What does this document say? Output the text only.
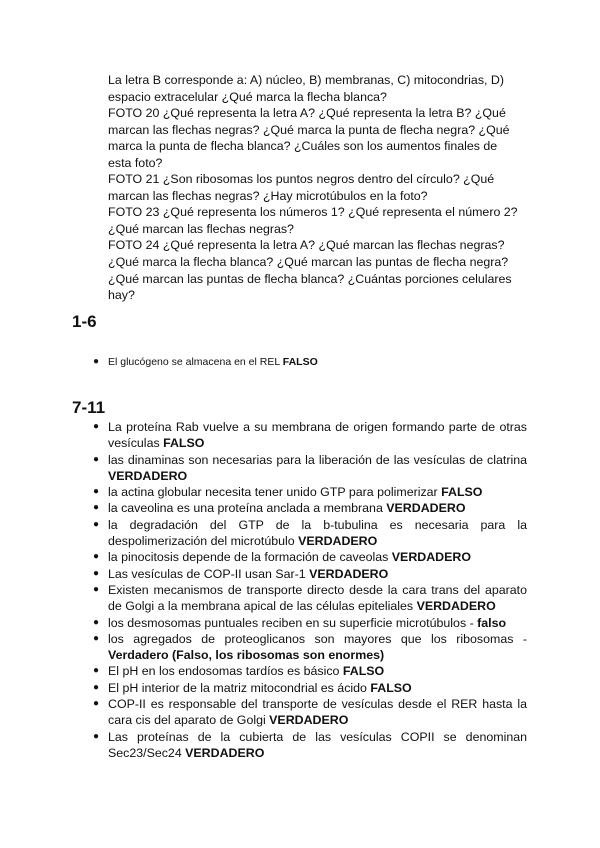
La letra B corresponde a: A) núcleo, B) membranas, C) mitocondrias, D) espacio extracelular ¿Qué marca la flecha blanca?

FOTO 20 ¿Qué representa la letra A? ¿Qué representa la letra B? ¿Qué marcan las flechas negras? ¿Qué marca la punta de flecha negra? ¿Qué marca la punta de flecha blanca? ¿Cuáles son los aumentos finales de esta foto?

FOTO 21 ¿Son ribosomas los puntos negros dentro del círculo? ¿Qué marcan las flechas negras? ¿Hay microtúbulos en la foto?

FOTO 23 ¿Qué representa los números 1? ¿Qué representa el número 2? ¿Qué marcan las flechas negras?

FOTO 24 ¿Qué representa la letra A? ¿Qué marcan las flechas negras? ¿Qué marca la flecha blanca? ¿Qué marcan las puntas de flecha negra? ¿Qué marcan las puntas de flecha blanca? ¿Cuántas porciones celulares hay?

1-6
● El glucógeno se almacena en el REL FALSO
7-11
● La proteína Rab vuelve a su membrana de origen formando parte de otras vesículas FALSO
● las dinaminas son necesarias para la liberación de las vesículas de clatrina VERDADERO
● la actina globular necesita tener unido GTP para polimerizar FALSO
● la caveolina es una proteína anclada a membrana VERDADERO
● la degradación del GTP de la b-tubulina es necesaria para la despolimerización del microtúbulo VERDADERO
● la pinocitosis depende de la formación de caveolas VERDADERO
● Las vesículas de COP-II usan Sar-1 VERDADERO
● Existen mecanismos de transporte directo desde la cara trans del aparato de Golgi a la membrana apical de las células epiteliales VERDADERO
● los desmosomas puntuales reciben en su superficie microtúbulos - falso
● los agregados de proteoglicanos son mayores que los ribosomas - Verdadero (Falso, los ribosomas son enormes)
● El pH en los endosomas tardíos es básico FALSO
● El pH interior de la matriz mitocondrial es ácido FALSO
● COP-II es responsable del transporte de vesículas desde el RER hasta la cara cis del aparato de Golgi VERDADERO
● Las proteínas de la cubierta de las vesículas COPII se denominan Sec23/Sec24 VERDADERO
